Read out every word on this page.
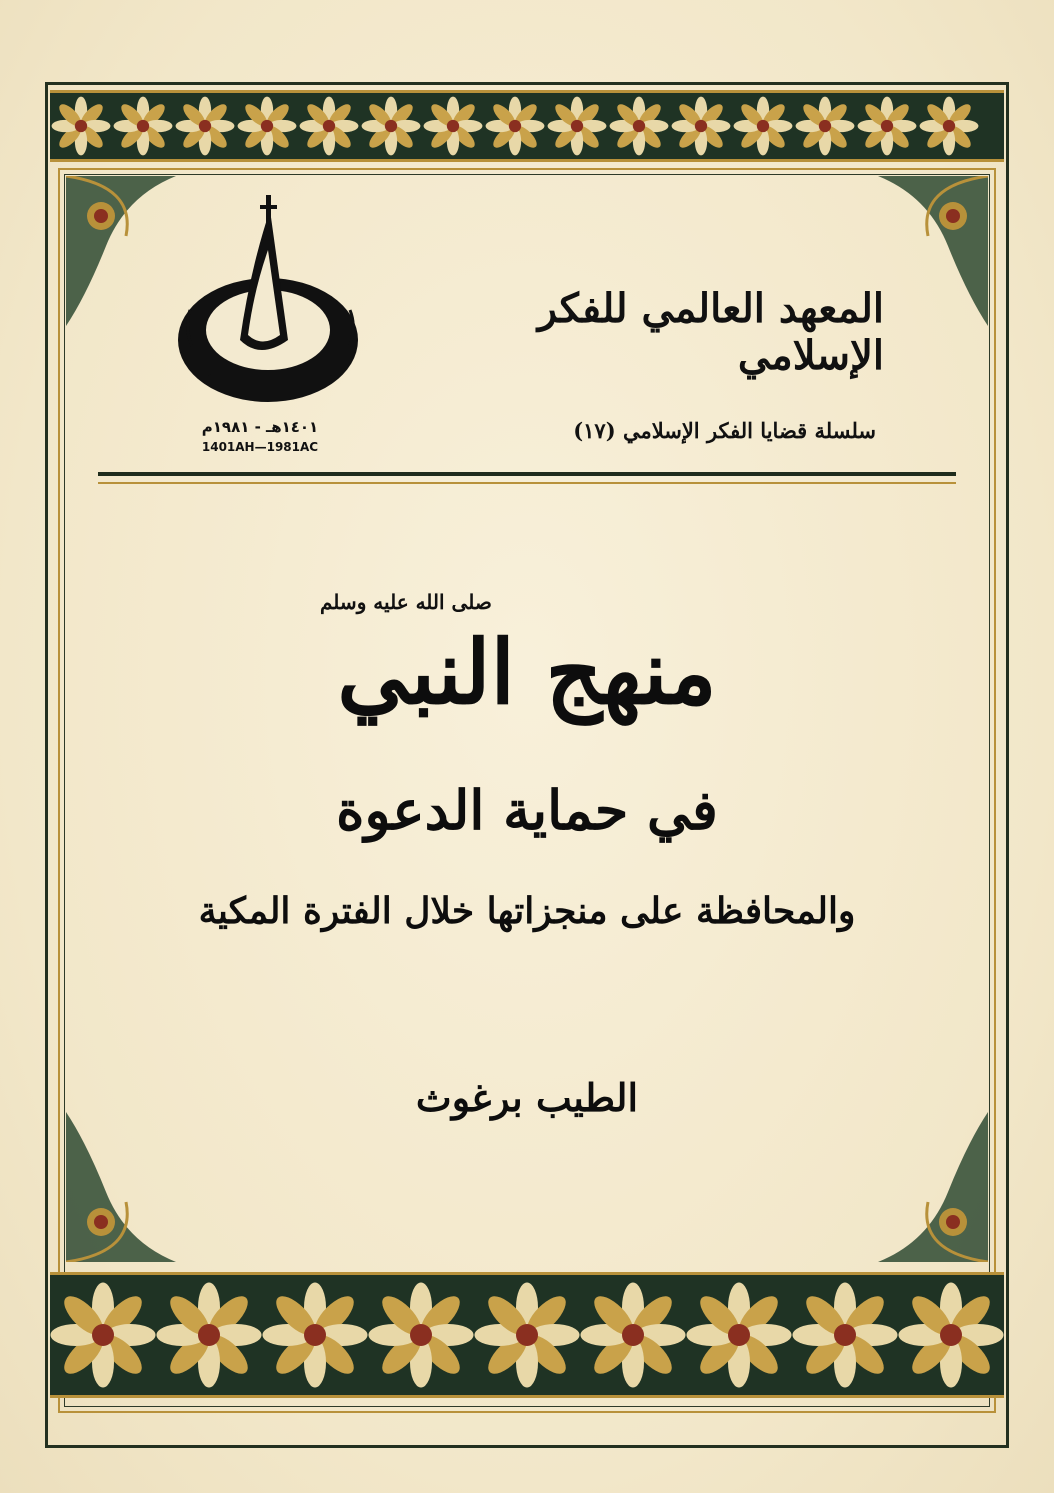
١٤٠١هـ - ١٩٨١م
1401AH—1981AC
المعهد العالمي للفكر الإسلامي
سلسلة قضايا الفكر الإسلامي (١٧)
صلى الله عليه وسلم
منهج النبي
في حماية الدعوة
والمحافظة على منجزاتها خلال الفترة المكية
الطيب برغوث
